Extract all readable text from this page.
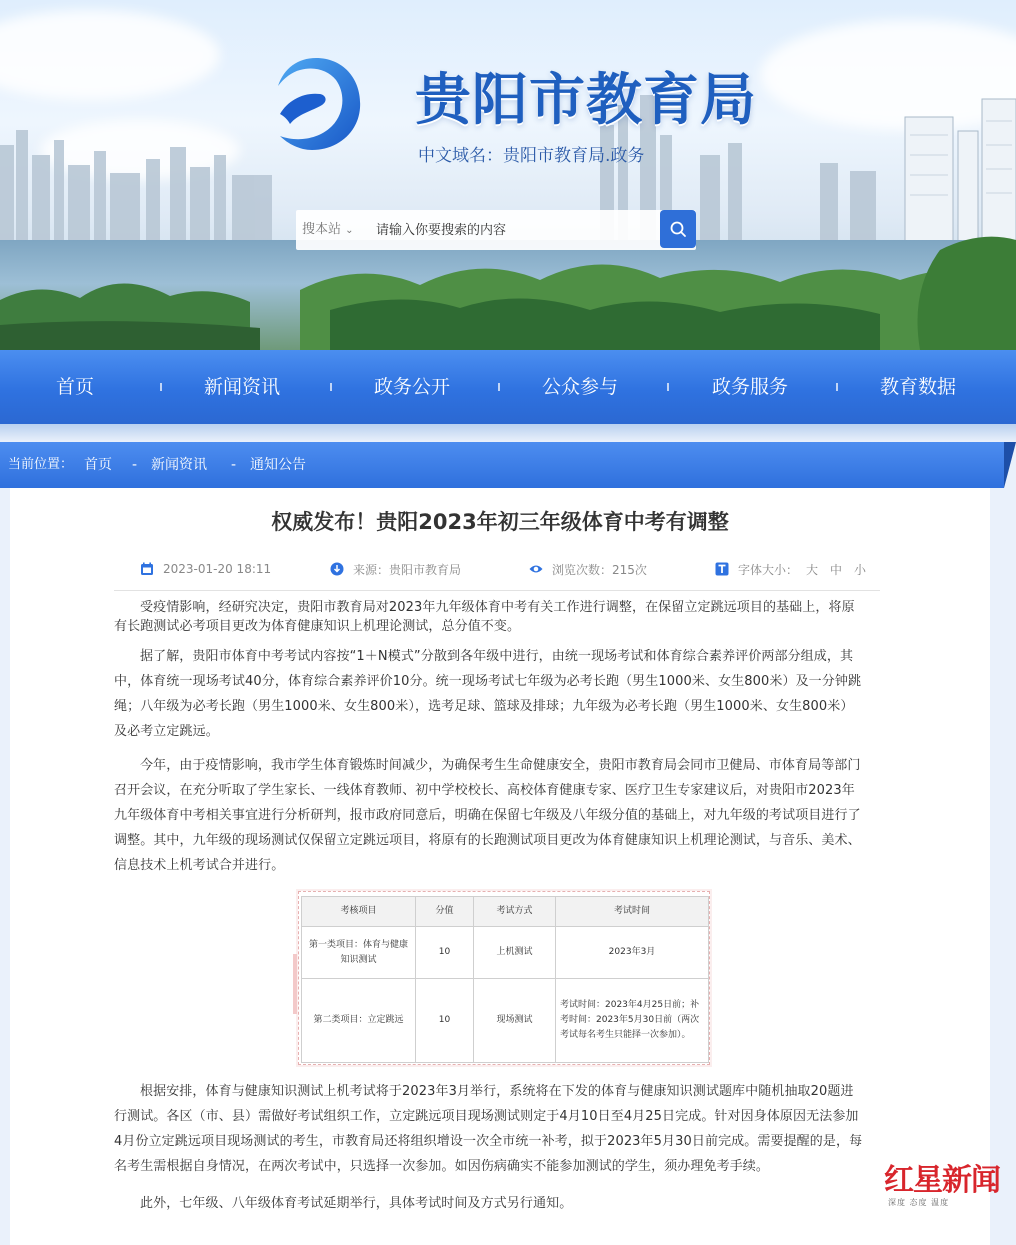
贵阳市教育局
中文域名：贵阳市教育局.政务
搜本站 ⌄
请输入你要搜索的内容
首页	新闻资讯	政务公开	公众参与	政务服务	教育数据
当前位置： 首页 - 新闻资讯 - 通知公告
权威发布！贵阳2023年初三年级体育中考有调整
2023-01-20 18:11	来源：贵阳市教育局	浏览次数：215次	字体大小： 大 中 小

受疫情影响，经研究决定，贵阳市教育局对2023年九年级体育中考有关工作进行调整，在保留立定跳远项目的基础上，将原有长跑测试必考项目更改为体育健康知识上机理论测试，总分值不变。

据了解，贵阳市体育中考考试内容按“1＋N模式”分散到各年级中进行，由统一现场考试和体育综合素养评价两部分组成，其中，体育统一现场考试40分，体育综合素养评价10分。统一现场考试七年级为必考长跑（男生1000米、女生800米）及一分钟跳绳；八年级为必考长跑（男生1000米、女生800米），选考足球、篮球及排球；九年级为必考长跑（男生1000米、女生800米）及必考立定跳远。

今年，由于疫情影响，我市学生体育锻炼时间减少，为确保考生生命健康安全，贵阳市教育局会同市卫健局、市体育局等部门召开会议，在充分听取了学生家长、一线体育教师、初中学校校长、高校体育健康专家、医疗卫生专家建议后，对贵阳市2023年九年级体育中考相关事宜进行分析研判，报市政府同意后，明确在保留七年级及八年级分值的基础上，对九年级的考试项目进行了调整。其中，九年级的现场测试仅保留立定跳远项目，将原有的长跑测试项目更改为体育健康知识上机理论测试，与音乐、美术、信息技术上机考试合并进行。

考核项目	分值	考试方式	考试时间
第一类项目：体育与健康知识测试	10	上机测试	2023年3月
第二类项目：立定跳远	10	现场测试	考试时间：2023年4月25日前；补考时间：2023年5月30日前（两次考试每名考生只能择一次参加）。

根据安排，体育与健康知识测试上机考试将于2023年3月举行，系统将在下发的体育与健康知识测试题库中随机抽取20题进行测试。各区（市、县）需做好考试组织工作，立定跳远项目现场测试则定于4月10日至4月25日完成。针对因身体原因无法参加4月份立定跳远项目现场测试的考生，市教育局还将组织增设一次全市统一补考，拟于2023年5月30日前完成。需要提醒的是，每名考生需根据自身情况，在两次考试中，只选择一次参加。如因伤病确实不能参加测试的学生，须办理免考手续。

此外，七年级、八年级体育考试延期举行，具体考试时间及方式另行通知。

红星新闻
深度 态度 温度
